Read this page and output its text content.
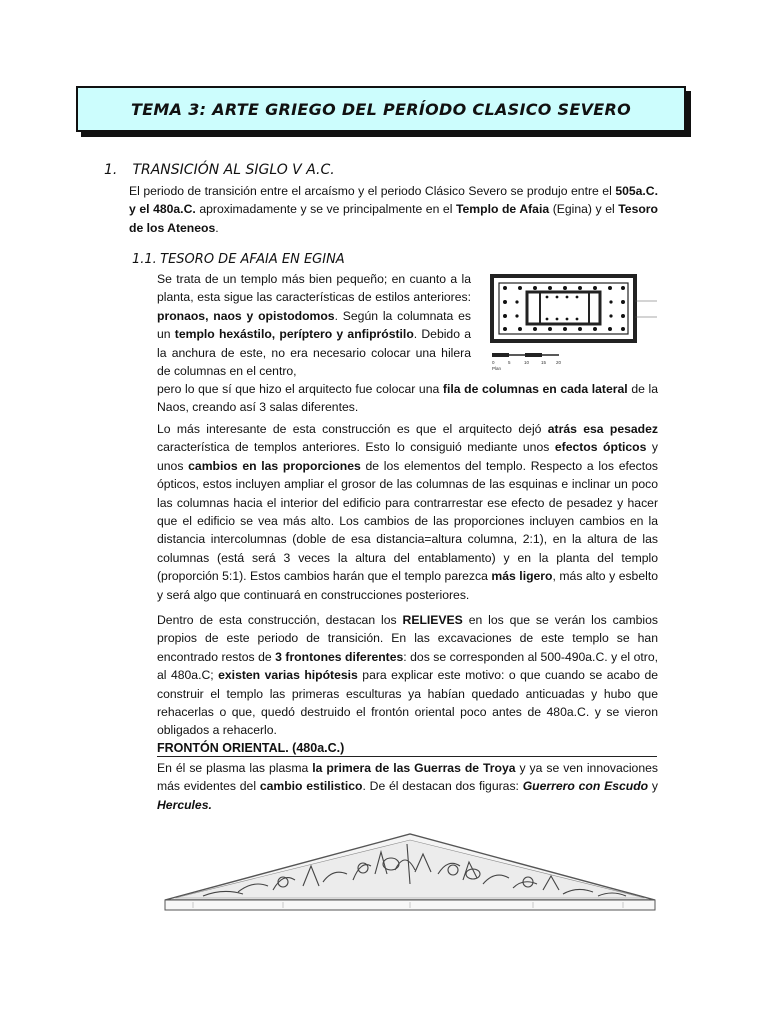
TEMA 3: ARTE GRIEGO DEL PERÍODO CLASICO SEVERO
1. TRANSICIÓN AL SIGLO V A.C.

El periodo de transición entre el arcaísmo y el periodo Clásico Severo se produjo entre el 505a.C. y el 480a.C. aproximadamente y se ve principalmente en el Templo de Afaia (Egina) y el Tesoro de los Ateneos.

1.1. TESORO DE AFAIA EN EGINA

Se trata de un templo más bien pequeño; en cuanto a la planta, esta sigue las características de estilos anteriores: pronaos, naos y opistodomos. Según la columnata es un templo hexástilo, períptero y anfipróstilo. Debido a la anchura de este, no era necesario colocar una hilera de columnas en el centro,

pero lo que sí que hizo el arquitecto fue colocar una fila de columnas en cada lateral de la Naos, creando así 3 salas diferentes.

0	5	10	15 20
Plan

Lo más interesante de esta construcción es que el arquitecto dejó atrás esa pesadez característica de templos anteriores. Esto lo consiguió mediante unos efectos ópticos y unos cambios en las proporciones de los elementos del templo. Respecto a los efectos ópticos, estos incluyen ampliar el grosor de las columnas de las esquinas e inclinar un poco las columnas hacia el interior del edificio para contrarrestar ese efecto de pesadez y hacer que el edificio se vea más alto. Los cambios de las proporciones incluyen cambios en la distancia intercolumnas (doble de esa distancia=altura columna, 2:1), en la altura de las columnas (está será 3 veces la altura del entablamento) y en la planta del templo (proporción 5:1). Estos cambios harán que el templo parezca más ligero, más alto y esbelto y será algo que continuará en construcciones posteriores.

Dentro de esta construcción, destacan los RELIEVES en los que se verán los cambios propios de este periodo de transición. En las excavaciones de este templo se han encontrado restos de 3 frontones diferentes: dos se corresponden al 500-490a.C. y el otro, al 480a.C; existen varias hipótesis para explicar este motivo: o que cuando se acabo de construir el templo las primeras esculturas ya habían quedado anticuadas y hubo que rehacerlas o que, quedó destruido el frontón oriental poco antes de 480a.C. y se vieron obligados a rehacerlo.

FRONTÓN ORIENTAL. (480a.C.)

En él se plasma las plasma la primera de las Guerras de Troya y ya se ven innovaciones más evidentes del cambio estilistico. De él destacan dos figuras: Guerrero con Escudo y Hercules.
